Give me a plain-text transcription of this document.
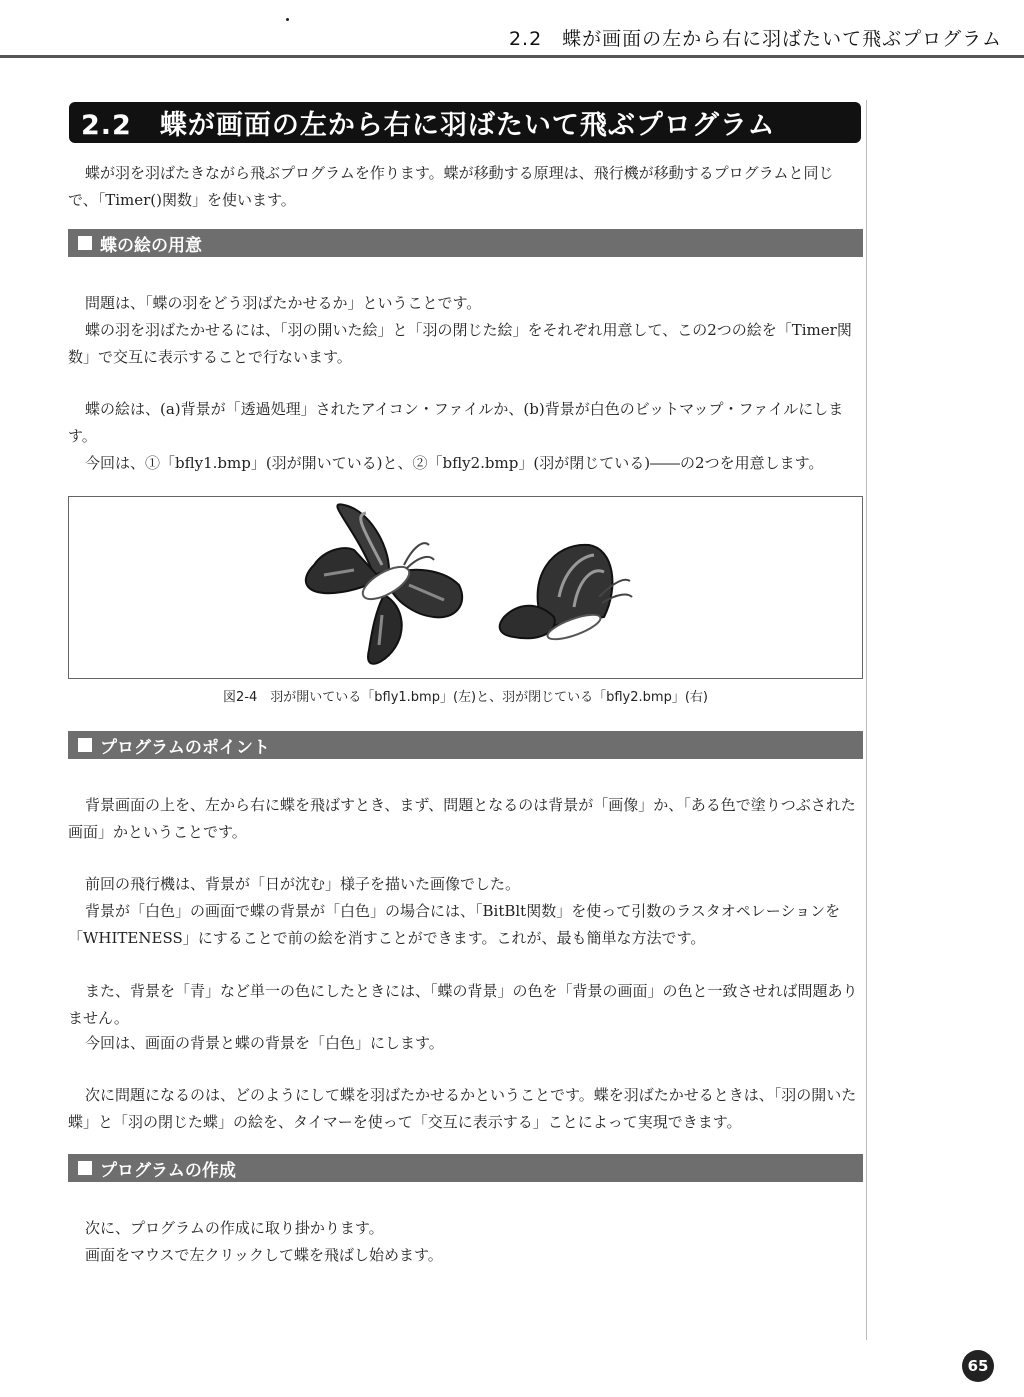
2.2　蝶が画面の左から右に羽ばたいて飛ぶプログラム
2.2　蝶が画面の左から右に羽ばたいて飛ぶプログラム

蝶が羽を羽ばたきながら飛ぶプログラムを作ります。蝶が移動する原理は、飛行機が移動するプログラムと同じで、「Timer()関数」を使います。

蝶の絵の用意

問題は、「蝶の羽をどう羽ばたかせるか」ということです。

蝶の羽を羽ばたかせるには、「羽の開いた絵」と「羽の閉じた絵」をそれぞれ用意して、この2つの絵を「Timer関数」で交互に表示することで行ないます。

蝶の絵は、(a)背景が「透過処理」されたアイコン・ファイルか、(b)背景が白色のビットマップ・ファイルにします。

今回は、①「bfly1.bmp」(羽が開いている)と、②「bfly2.bmp」(羽が閉じている)――の2つを用意します。

図2-4　羽が開いている「bfly1.bmp」(左)と、羽が閉じている「bfly2.bmp」(右)
プログラムのポイント

背景画面の上を、左から右に蝶を飛ばすとき、まず、問題となるのは背景が「画像」か、「ある色で塗りつぶされた画面」かということです。

前回の飛行機は、背景が「日が沈む」様子を描いた画像でした。

背景が「白色」の画面で蝶の背景が「白色」の場合には、「BitBlt関数」を使って引数のラスタオペレーションを「WHITENESS」にすることで前の絵を消すことができます。これが、最も簡単な方法です。

また、背景を「青」など単一の色にしたときには、「蝶の背景」の色を「背景の画面」の色と一致させれば問題ありません。

今回は、画面の背景と蝶の背景を「白色」にします。

次に問題になるのは、どのようにして蝶を羽ばたかせるかということです。蝶を羽ばたかせるときは、「羽の開いた蝶」と「羽の閉じた蝶」の絵を、タイマーを使って「交互に表示する」ことによって実現できます。

プログラムの作成

次に、プログラムの作成に取り掛かります。

画面をマウスで左クリックして蝶を飛ばし始めます。

65
